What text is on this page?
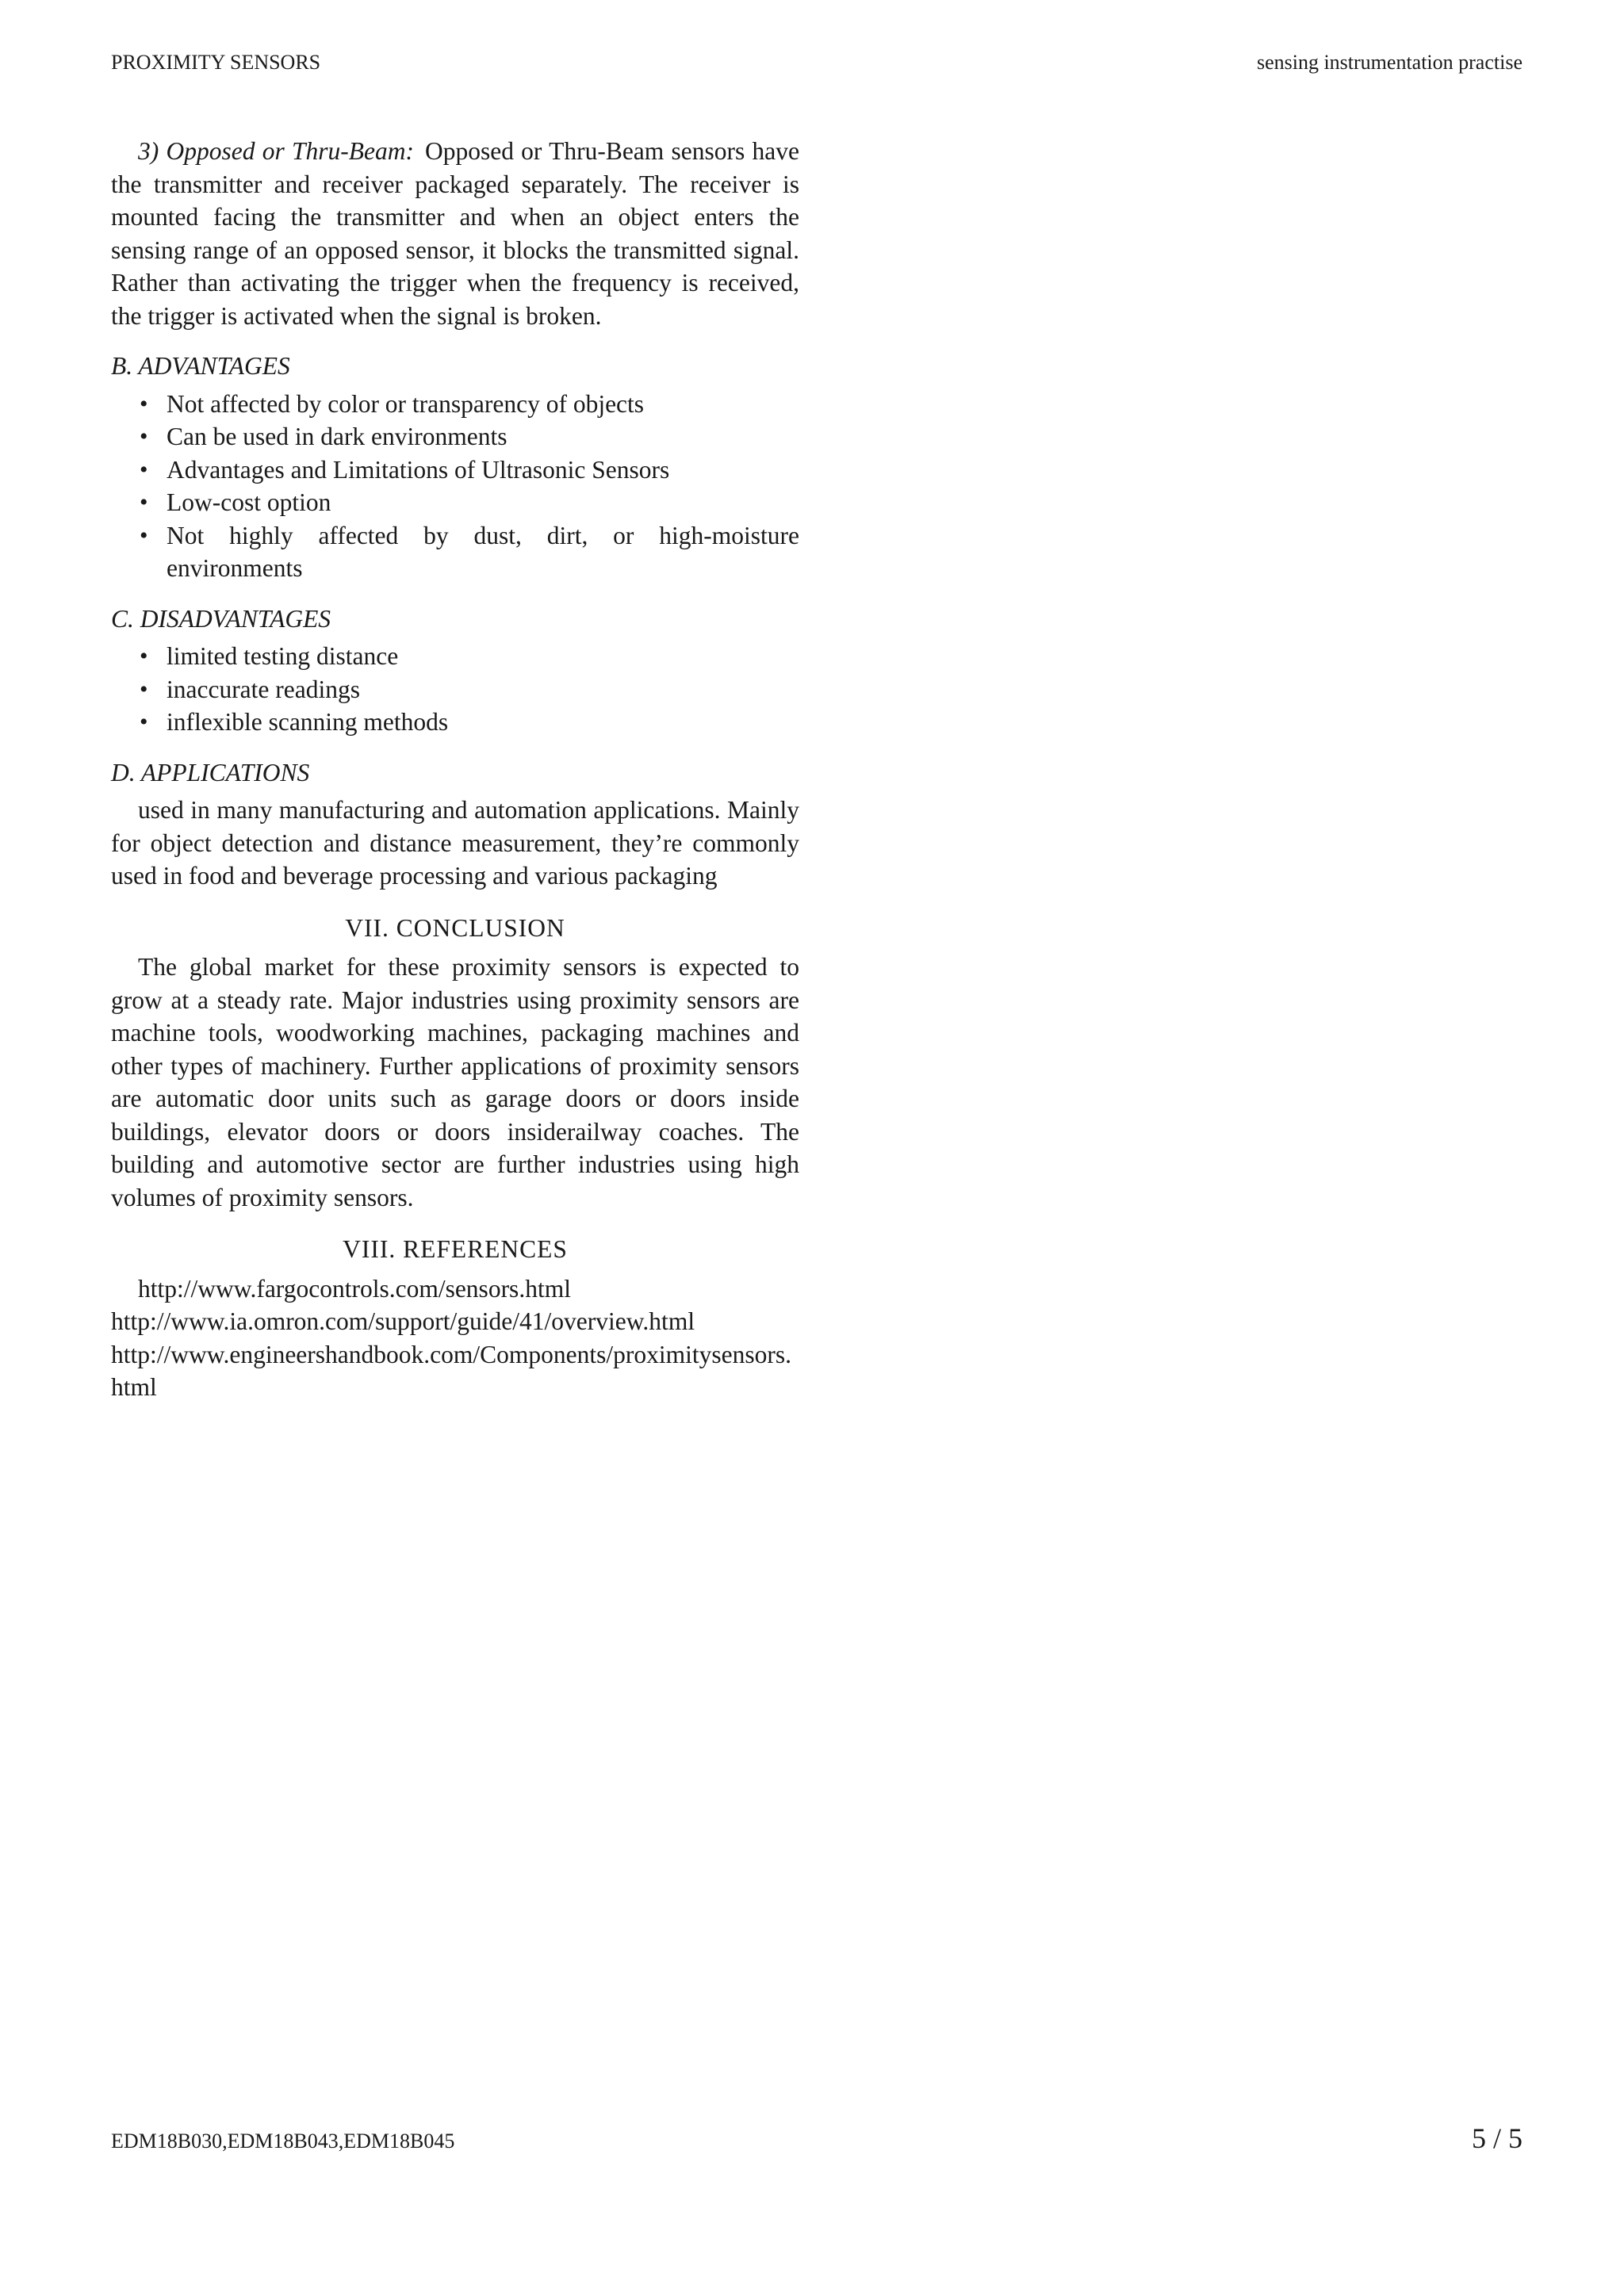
PROXIMITY SENSORS	sensing instrumentation practise

3) Opposed or Thru-Beam: Opposed or Thru-Beam sensors have the transmitter and receiver packaged separately. The receiver is mounted facing the transmitter and when an object enters the sensing range of an opposed sensor, it blocks the transmitted signal. Rather than activating the trigger when the frequency is received, the trigger is activated when the signal is broken.

B. ADVANTAGES
• Not affected by color or transparency of objects
• Can be used in dark environments
• Advantages and Limitations of Ultrasonic Sensors
• Low-cost option
• Not highly affected by dust, dirt, or high-moisture environments
C. DISADVANTAGES
• limited testing distance
• inaccurate readings
• inflexible scanning methods
D. APPLICATIONS

used in many manufacturing and automation applications. Mainly for object detection and distance measurement, they’re commonly used in food and beverage processing and various packaging

VII. CONCLUSION

The global market for these proximity sensors is expected to grow at a steady rate. Major industries using proximity sensors are machine tools, woodworking machines, packaging machines and other types of machinery. Further applications of proximity sensors are automatic door units such as garage doors or doors inside buildings, elevator doors or doors insiderailway coaches. The building and automotive sector are further industries using high volumes of proximity sensors.

VIII. REFERENCES
http://www.fargocontrols.com/sensors.html
http://www.ia.omron.com/support/guide/41/overview.html
http://www.engineershandbook.com/Components/proximitysensors.
html
EDM18B030,EDM18B043,EDM18B045	5 / 5
